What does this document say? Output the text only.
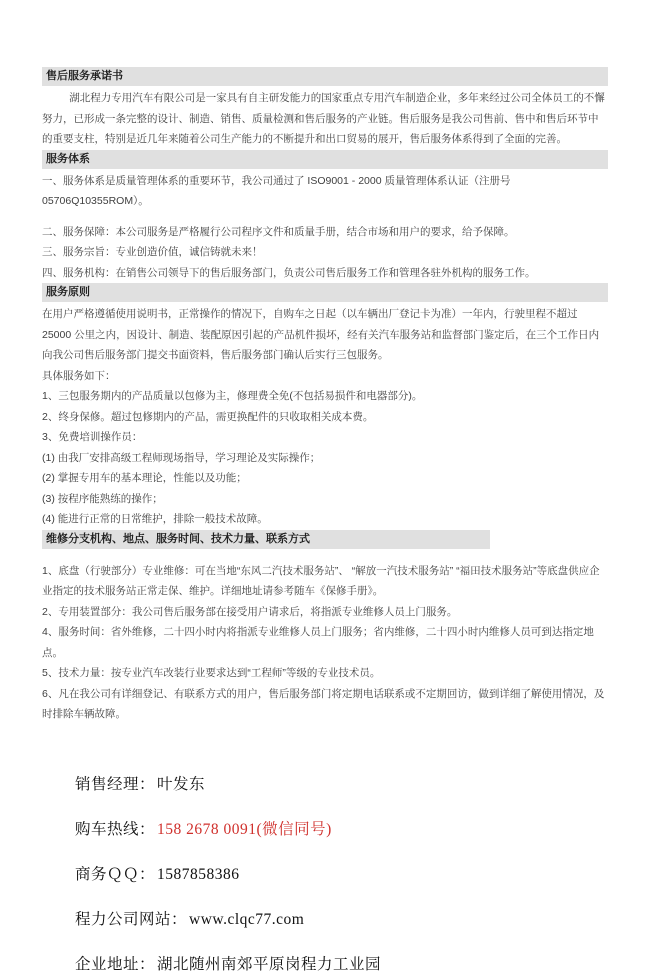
售后服务承诺书

湖北程力专用汽车有限公司是一家具有自主研发能力的国家重点专用汽车制造企业，多年来经过公司全体员工的不懈努力，已形成一条完整的设计、制造、销售、质量检测和售后服务的产业链。售后服务是我公司售前、售中和售后环节中的重要支柱，特别是近几年来随着公司生产能力的不断提升和出口贸易的展开，售后服务体系得到了全面的完善。

服务体系

一、服务体系是质量管理体系的重要环节，我公司通过了 ISO9001 - 2000 质量管理体系认证（注册号 05706Q10355ROM）。

二、服务保障：本公司服务是严格履行公司程序文件和质量手册，结合市场和用户的要求，给予保障。

三、服务宗旨：专业创造价值，诚信铸就未来！

四、服务机构：在销售公司领导下的售后服务部门，负责公司售后服务工作和管理各驻外机构的服务工作。

服务原则

在用户严格遵循使用说明书，正常操作的情况下，自购车之日起（以车辆出厂登记卡为准）一年内，行驶里程不超过 25000 公里之内，因设计、制造、装配原因引起的产品机件损坏，经有关汽车服务站和监督部门鉴定后，在三个工作日内向我公司售后服务部门提交书面资料，售后服务部门确认后实行三包服务。

具体服务如下：

1、三包服务期内的产品质量以包修为主，修理费全免(不包括易损件和电器部分)。

2、终身保修。超过包修期内的产品，需更换配件的只收取相关成本费。

3、免费培训操作员：

(1) 由我厂安排高级工程师现场指导，学习理论及实际操作；

(2) 掌握专用车的基本理论，性能以及功能；

(3) 按程序能熟练的操作；

(4) 能进行正常的日常维护，排除一般技术故障。

维修分支机构、地点、服务时间、技术力量、联系方式

1、底盘（行驶部分）专业维修：可在当地“东风二汽技术服务站”、 “解放一汽技术服务站” “福田技术服务站”等底盘供应企业指定的技术服务站正常走保、维护。详细地址请参考随车《保修手册》。

2、专用装置部分：我公司售后服务部在接受用户请求后，将指派专业维修人员上门服务。

4、服务时间：省外维修，二十四小时内将指派专业维修人员上门服务；省内维修，二十四小时内维修人员可到达指定地点。

5、技术力量：按专业汽车改装行业要求达到“工程师”等级的专业技术员。

6、凡在我公司有详细登记、有联系方式的用户，售后服务部门将定期电话联系或不定期回访，做到详细了解使用情况，及时排除车辆故障。

销售经理： 叶发东

购车热线： 158 2678 0091(微信同号)

商务ＱＱ： 1587858386

程力公司网站： www.clqc77.com

企业地址： 湖北随州南郊平原岗程力工业园
